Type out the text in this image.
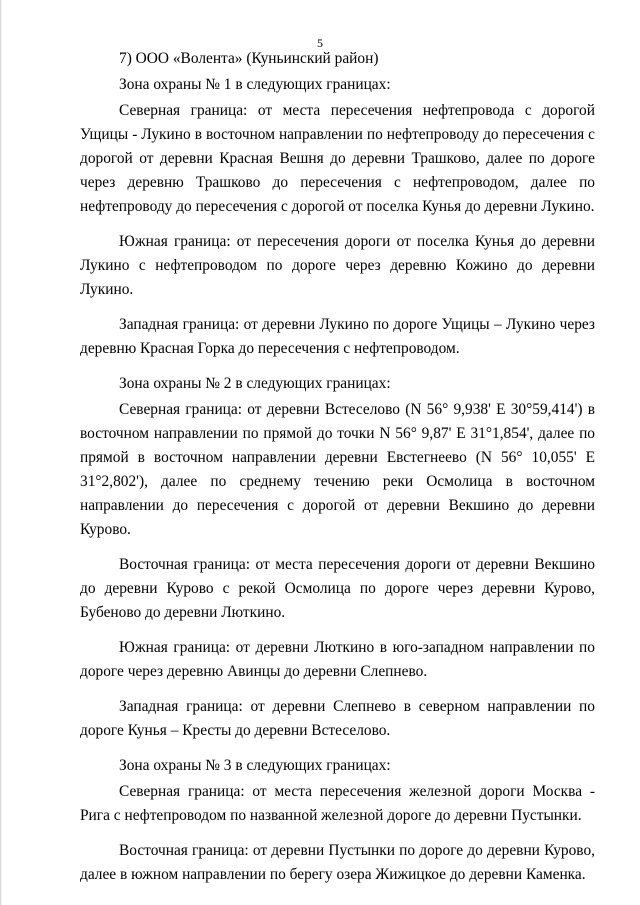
5

7) ООО «Волента» (Куньинский район)

Зона охраны № 1 в следующих границах:

Северная граница: от места пересечения нефтепровода с дорогой Ущицы - Лукино в восточном направлении по нефтепроводу до пересечения с дорогой от деревни Красная Вешня до деревни Трашково, далее по дороге через деревню Трашково до пересечения с нефтепроводом, далее по нефтепроводу до пересечения с дорогой от поселка Кунья до деревни Лукино.

Южная граница: от пересечения дороги от поселка Кунья до деревни Лукино с нефтепроводом по дороге через деревню Кожино до деревни Лукино.

Западная граница: от деревни Лукино по дороге Ущицы – Лукино через деревню Красная Горка до пересечения с нефтепроводом.

Зона охраны № 2 в следующих границах:

Северная граница: от деревни Встеселово (N 56° 9,938' E 30°59,414') в восточном направлении по прямой до точки N 56° 9,87' E 31°1,854', далее по прямой в восточном направлении деревни Евстегнеево (N 56° 10,055' E 31°2,802'), далее по среднему течению реки Осмолица в восточном направлении до пересечения с дорогой от деревни Векшино до деревни Курово.

Восточная граница: от места пересечения дороги от деревни Векшино до деревни Курово с рекой Осмолица по дороге через деревни Курово, Бубеново до деревни Люткино.

Южная граница: от деревни Люткино в юго-западном направлении по дороге через деревню Авинцы до деревни Слепнево.

Западная граница: от деревни Слепнево в северном направлении по дороге Кунья – Кресты до деревни Встеселово.

Зона охраны № 3 в следующих границах:

Северная граница: от места пересечения железной дороги Москва - Рига с нефтепроводом по названной железной дороге до деревни Пустынки.

Восточная граница: от деревни Пустынки по дороге до деревни Курово, далее в южном направлении по берегу озера Жижицкое до деревни Каменка.
